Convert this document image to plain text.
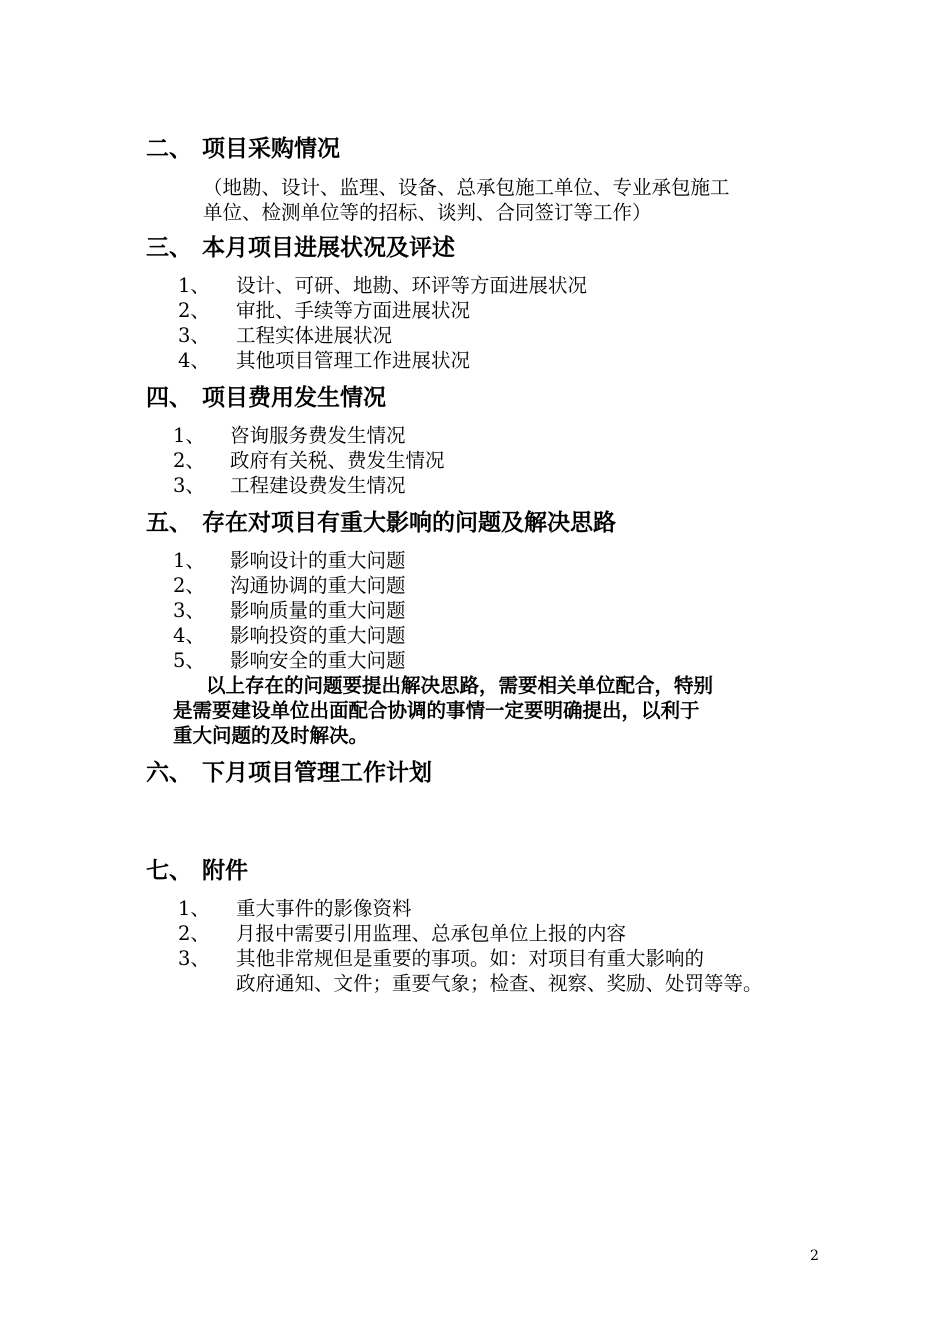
二、 项目采购情况
（地勘、设计、监理、设备、总承包施工单位、专业承包施工
单位、检测单位等的招标、谈判、合同签订等工作）
三、 本月项目进展状况及评述
1、 设计、可研、地勘、环评等方面进展状况
2、 审批、手续等方面进展状况
3、 工程实体进展状况
4、 其他项目管理工作进展状况
四、 项目费用发生情况
1、 咨询服务费发生情况
2、 政府有关税、费发生情况
3、 工程建设费发生情况
五、 存在对项目有重大影响的问题及解决思路
1、 影响设计的重大问题
2、 沟通协调的重大问题
3、 影响质量的重大问题
4、 影响投资的重大问题
5、 影响安全的重大问题
以上存在的问题要提出解决思路，需要相关单位配合，特别
是需要建设单位出面配合协调的事情一定要明确提出，以利于
重大问题的及时解决。
六、 下月项目管理工作计划
七、 附件
1、 重大事件的影像资料
2、 月报中需要引用监理、总承包单位上报的内容
3、 其他非常规但是重要的事项。如：对项目有重大影响的
政府通知、文件；重要气象；检查、视察、奖励、处罚等等。
2
